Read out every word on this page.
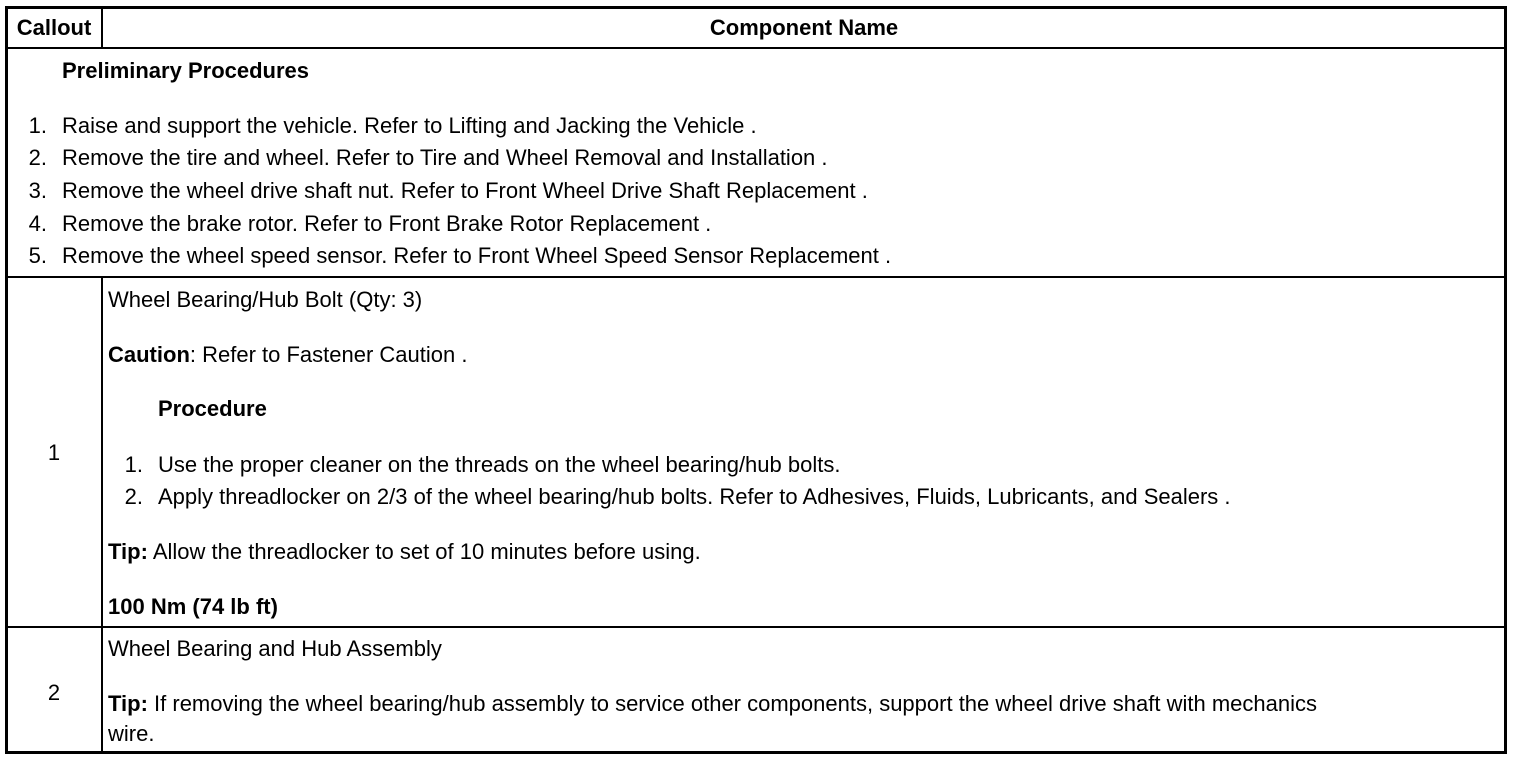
Callout	Component Name
Preliminary Procedures
1. Raise and support the vehicle. Refer to Lifting and Jacking the Vehicle .
2. Remove the tire and wheel. Refer to Tire and Wheel Removal and Installation .
3. Remove the wheel drive shaft nut. Refer to Front Wheel Drive Shaft Replacement .
4. Remove the brake rotor. Refer to Front Brake Rotor Replacement .
5. Remove the wheel speed sensor. Refer to Front Wheel Speed Sensor Replacement .
1
Wheel Bearing/Hub Bolt (Qty: 3)
Caution: Refer to Fastener Caution .
Procedure
1. Use the proper cleaner on the threads on the wheel bearing/hub bolts.
2. Apply threadlocker on 2/3 of the wheel bearing/hub bolts. Refer to Adhesives, Fluids, Lubricants, and Sealers .
Tip: Allow the threadlocker to set of 10 minutes before using.
100 Nm (74 lb ft)
2
Wheel Bearing and Hub Assembly
Tip: If removing the wheel bearing/hub assembly to service other components, support the wheel drive shaft with mechanics
wire.
